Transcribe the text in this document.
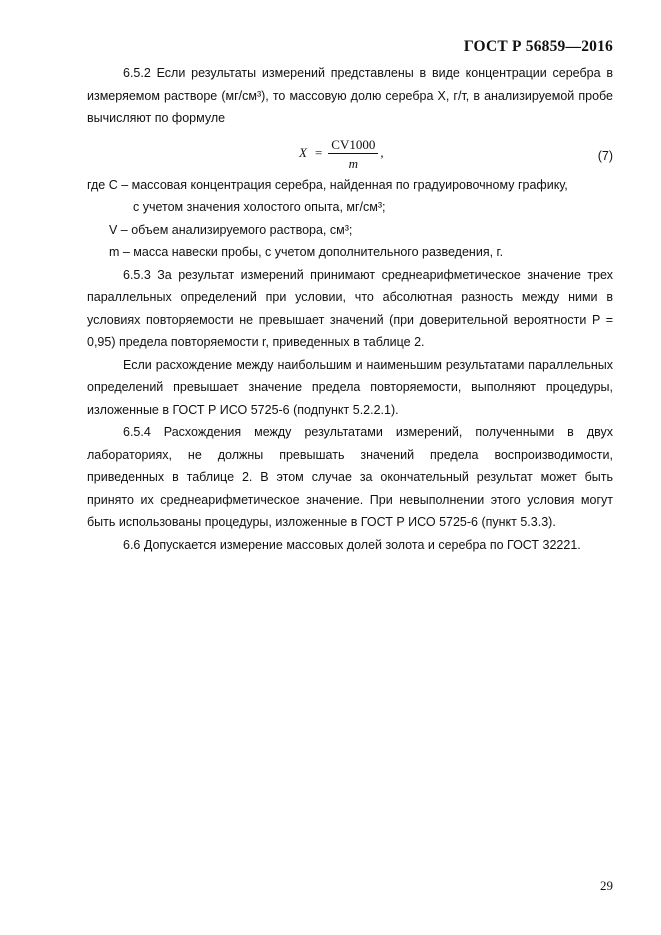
ГОСТ Р 56859—2016

6.5.2 Если результаты измерений представлены в виде концентрации серебра в измеряемом растворе (мг/см³), то массовую долю серебра X, г/т, в анализируемой пробе вычисляют по формуле

$X = \frac{CV1000}{m}$ ,	(7)
где C – массовая концентрация серебра, найденная по градуировочному графику,
с учетом значения холостого опыта, мг/см³;
V – объем анализируемого раствора, см³;
m – масса навески пробы, с учетом дополнительного разведения, г.

6.5.3 За результат измерений принимают среднеарифметическое значение трех параллельных определений при условии, что абсолютная разность между ними в условиях повторяемости не превышает значений (при доверительной вероятности P = 0,95) предела повторяемости r, приведенных в таблице 2.

Если расхождение между наибольшим и наименьшим результатами параллельных определений превышает значение предела повторяемости, выполняют процедуры, изложенные в ГОСТ Р ИСО 5725-6 (подпункт 5.2.2.1).

6.5.4 Расхождения между результатами измерений, полученными в двух лабораториях, не должны превышать значений предела воспроизводимости, приведенных в таблице 2. В этом случае за окончательный результат может быть принято их среднеарифметическое значение. При невыполнении этого условия могут быть использованы процедуры, изложенные в ГОСТ Р ИСО 5725-6 (пункт 5.3.3).

6.6 Допускается измерение массовых долей золота и серебра по ГОСТ 32221.

29
